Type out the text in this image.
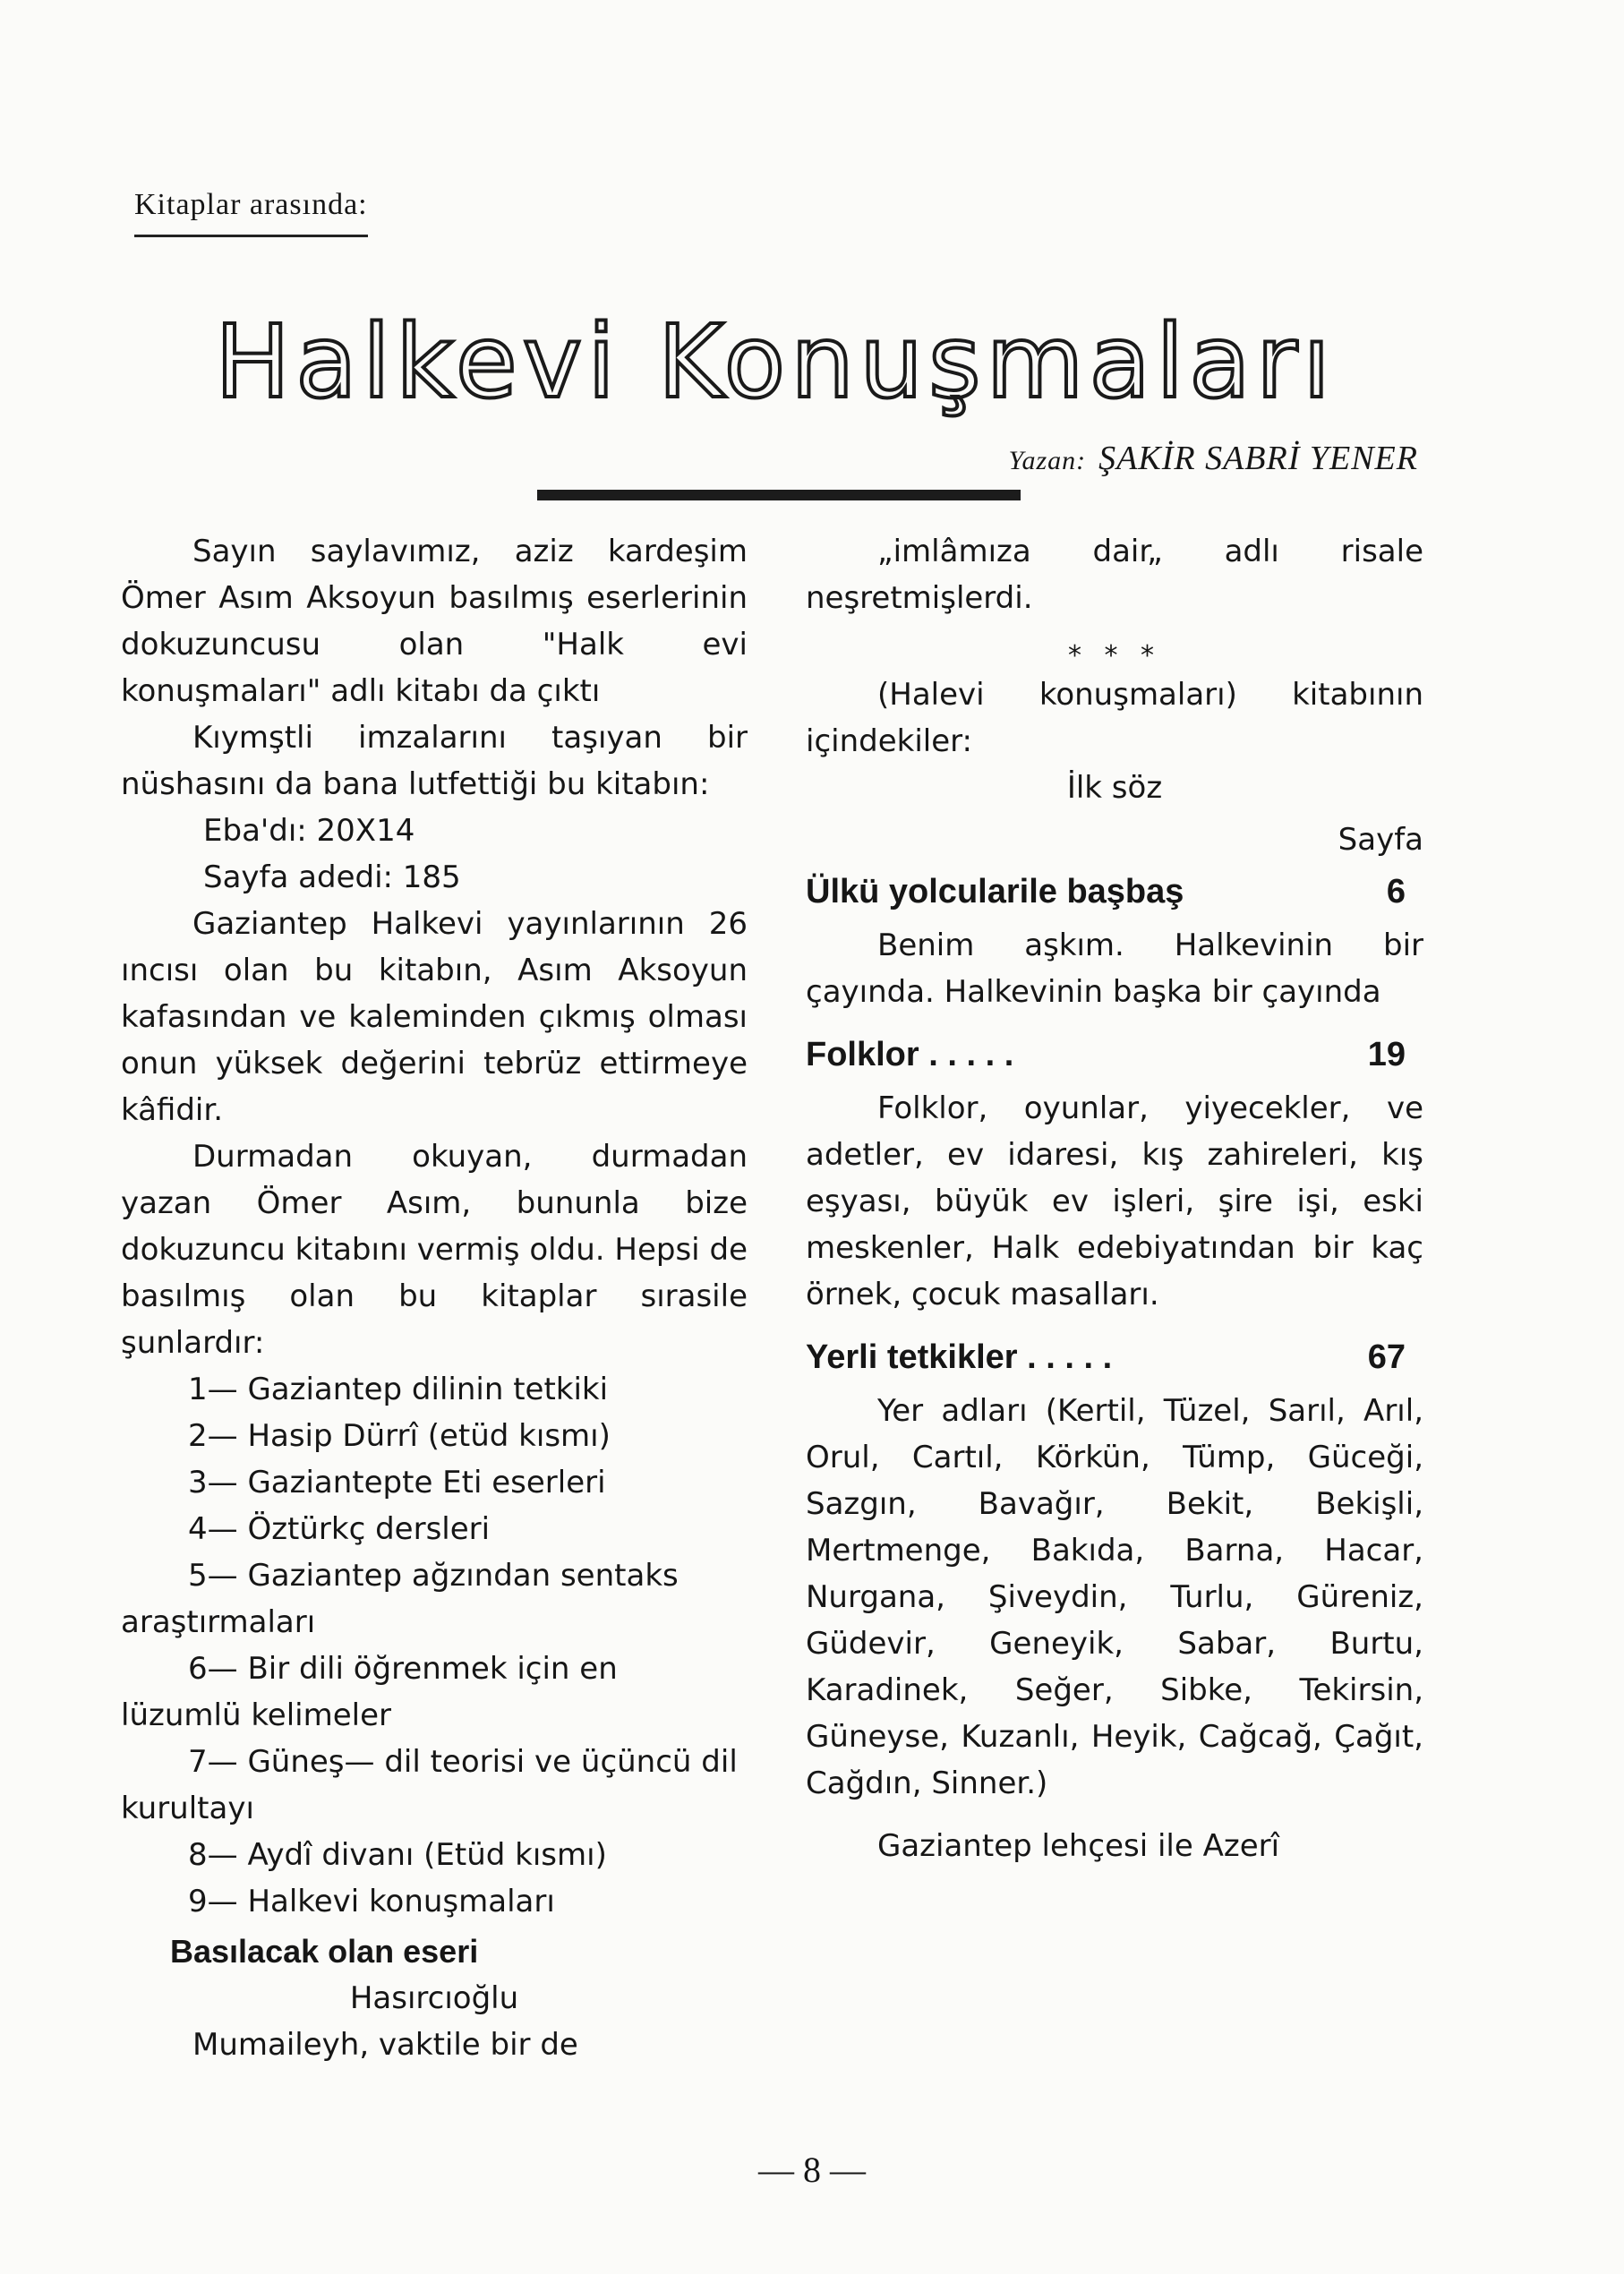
Kitaplar arasında:
Halkevi Konuşmaları
Yazan: ŞAKİR SABRİ YENER

Sayın saylavımız, aziz kardeşim Ömer Asım Aksoyun basılmış eserlerinin dokuzuncusu olan "Halk evi konuşmaları" adlı kitabı da çıktı

Kıymştli imzalarını taşıyan bir nüshasını da bana lutfettiği bu kitabın:

Eba'dı: 20X14
Sayfa adedi: 185

Gaziantep Halkevi yayınlarının 26 ıncısı olan bu kitabın, Asım Aksoyun kafasından ve kaleminden çıkmış olması onun yüksek değerini tebrüz ettirmeye kâfidir.

Durmadan okuyan, durmadan yazan Ömer Asım, bununla bize dokuzuncu kitabını vermiş oldu. Hepsi de basılmış olan bu kitaplar sırasile şunlardır:

1— Gaziantep dilinin tetkiki
2— Hasip Dürrî (etüd kısmı)
3— Gaziantepte Eti eserleri
4— Öztürkç dersleri
5— Gaziantep ağzından sentaks araştırmaları
6— Bir dili öğrenmek için en lüzumlü kelimeler
7— Güneş— dil teorisi ve üçüncü dil kurultayı
8— Aydî divanı (Etüd kısmı)
9— Halkevi konuşmaları
Basılacak olan eseri
Hasırcıoğlu

Mumaileyh, vaktile bir de

„imlâmıza dair„ adlı risale neşretmişlerdi.

* * *

(Halevi konuşmaları) kitabının içindekiler:

İlk söz
Sayfa
Ülkü yolcularile başbaş	6

Benim aşkım. Halkevinin bir çayında. Halkevinin başka bir çayında

Folklor . . . . .	19

Folklor, oyunlar, yiyecekler, ve adetler, ev idaresi, kış zahireleri, kış eşyası, büyük ev işleri, şire işi, eski meskenler, Halk edebiyatından bir kaç örnek, çocuk masalları.

Yerli tetkikler . . . . .	67

Yer adları (Kertil, Tüzel, Sarıl, Arıl, Orul, Cartıl, Körkün, Tümp, Güceği, Sazgın, Bavağır, Bekit, Bekişli, Mertmenge, Bakıda, Barna, Hacar, Nurgana, Şiveydin, Turlu, Güreniz, Güdevir, Geneyik, Sabar, Burtu, Karadinek, Seğer, Sibke, Tekirsin, Güneyse, Kuzanlı, Heyik, Cağcağ, Çağıt, Cağdın, Sinner.)

Gaziantep lehçesi ile Azerî

— 8 —
